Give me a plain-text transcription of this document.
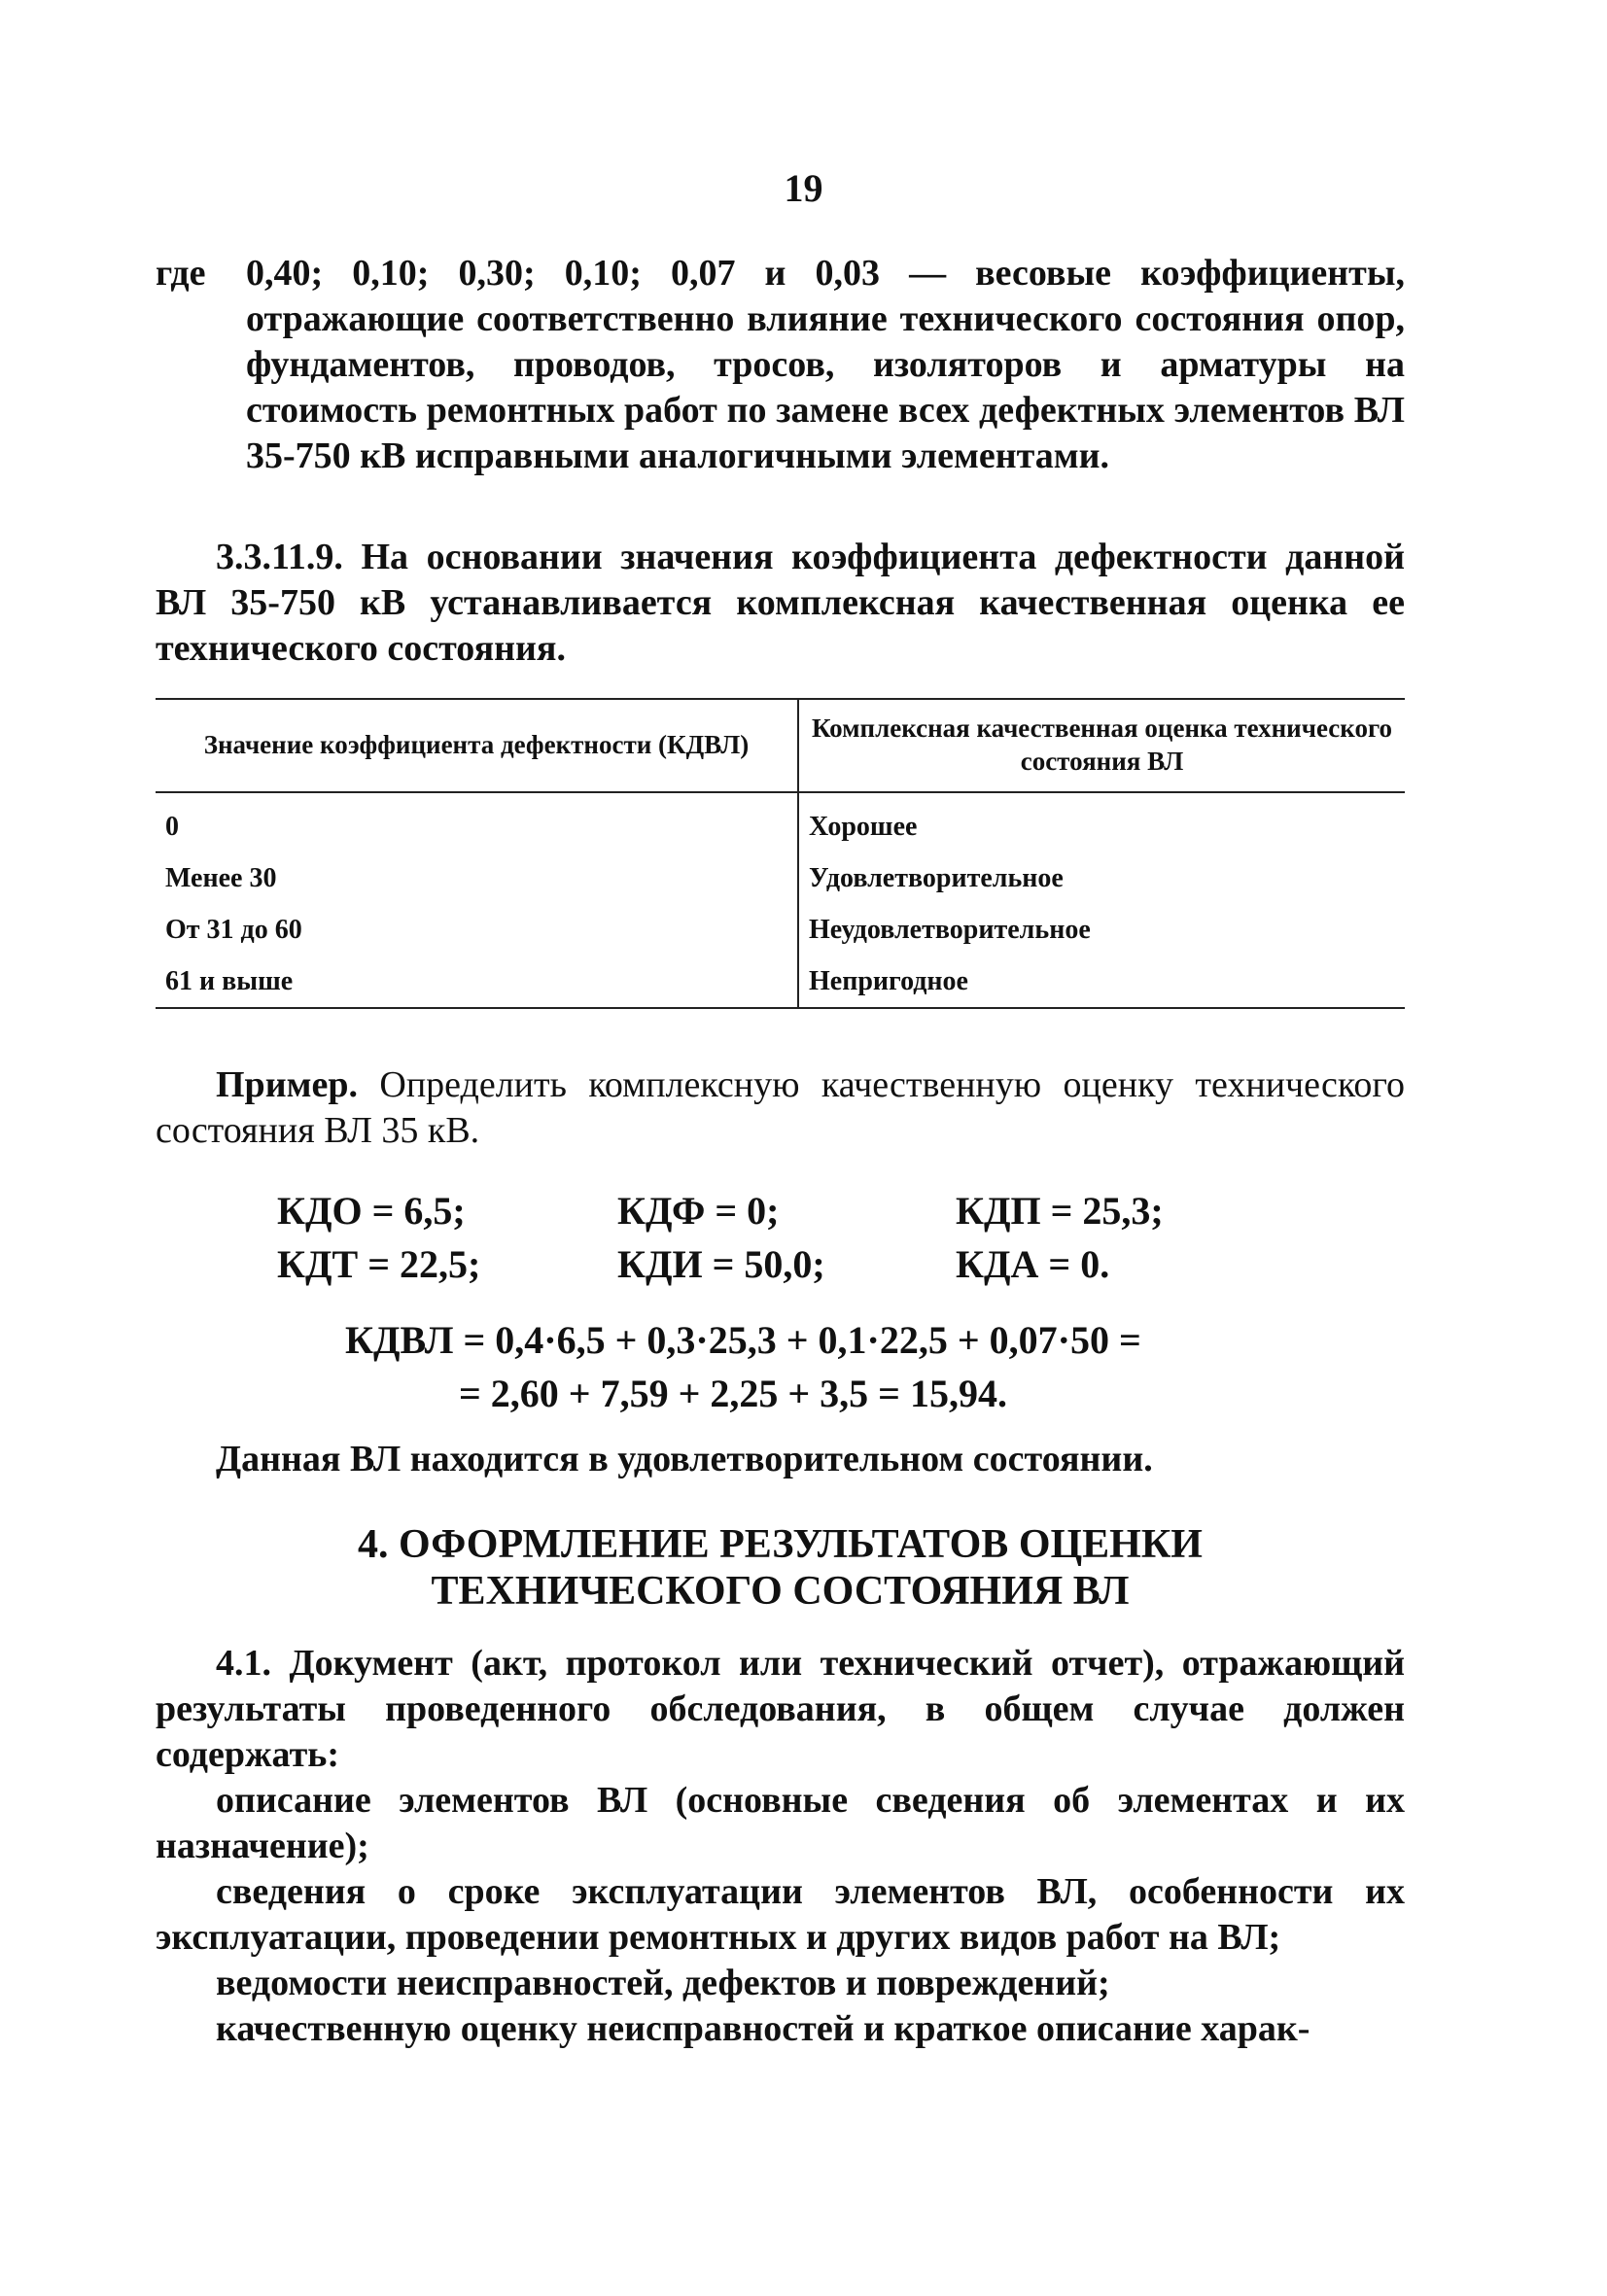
19
где	0,40; 0,10; 0,30; 0,10; 0,07 и 0,03 — весовые коэффициенты, отражающие соответственно влияние технического состояния опор, фундаментов, проводов, тросов, изоляторов и арматуры на стоимость ремонтных работ по замене всех дефектных элементов ВЛ 35-750 кВ исправными аналогичными элементами.

3.3.11.9. На основании значения коэффициента дефектности данной ВЛ 35-750 кВ устанавливается комплексная качественная оценка ее технического состояния.

Значение коэффициента дефектности (КДВЛ)	Комплексная качественная оценка технического состояния ВЛ
0	Хорошее
Менее 30	Удовлетворительное
От 31 до 60	Неудовлетворительное
61 и выше	Непригодное

Пример. Определить комплексную качественную оценку технического состояния ВЛ 35 кВ.

КДО = 6,5;	КДФ = 0;	КДП = 25,3;
КДТ = 22,5;	КДИ = 50,0;	КДА = 0.
КДВЛ = 0,4·6,5 + 0,3·25,3 + 0,1·22,5 + 0,07·50 =
= 2,60 + 7,59 + 2,25 + 3,5 = 15,94.

Данная ВЛ находится в удовлетворительном состоянии.

4. ОФОРМЛЕНИЕ РЕЗУЛЬТАТОВ ОЦЕНКИ
ТЕХНИЧЕСКОГО СОСТОЯНИЯ ВЛ

4.1. Документ (акт, протокол или технический отчет), отражающий результаты проведенного обследования, в общем случае должен содержать:

описание элементов ВЛ (основные сведения об элементах и их назначение);

сведения о сроке эксплуатации элементов ВЛ, особенности их эксплуатации, проведении ремонтных и других видов работ на ВЛ;

ведомости неисправностей, дефектов и повреждений;

качественную оценку неисправностей и краткое описание харак-
